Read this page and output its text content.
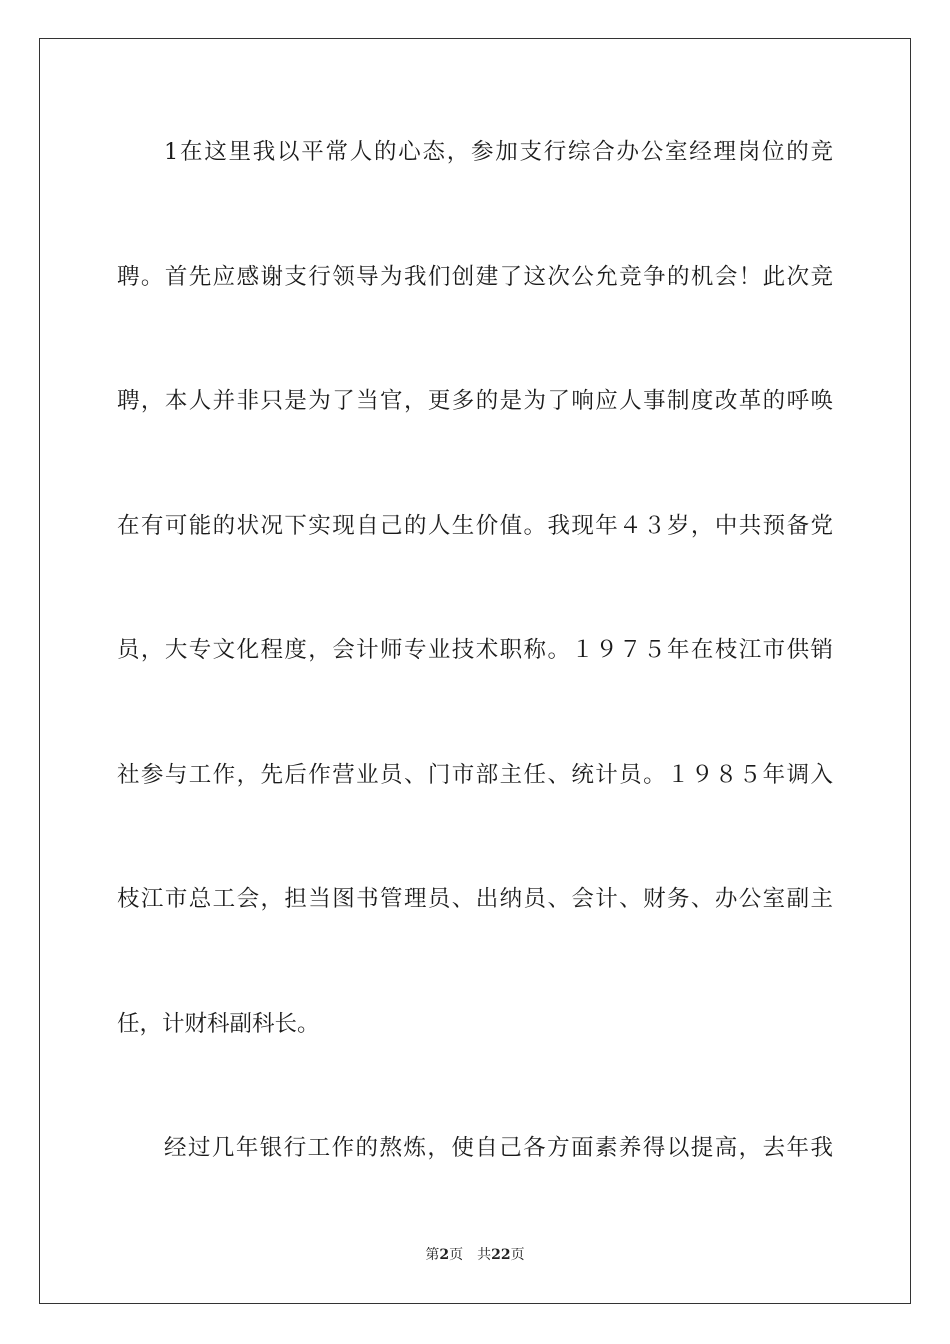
1在这里我以平常人的心态，参加支行综合办公室经理岗位的竞
聘。首先应感谢支行领导为我们创建了这次公允竞争的机会！此次竞
聘，本人并非只是为了当官，更多的是为了响应人事制度改革的呼唤
在有可能的状况下实现自己的人生价值。我现年４３岁，中共预备党
员，大专文化程度，会计师专业技术职称。１９７５年在枝江市供销
社参与工作，先后作营业员、门市部主任、统计员。１９８５年调入
枝江市总工会，担当图书管理员、出纳员、会计、财务、办公室副主
任，计财科副科长。
经过几年银行工作的熬炼，使自己各方面素养得以提高，去年我
第2页 共22页
